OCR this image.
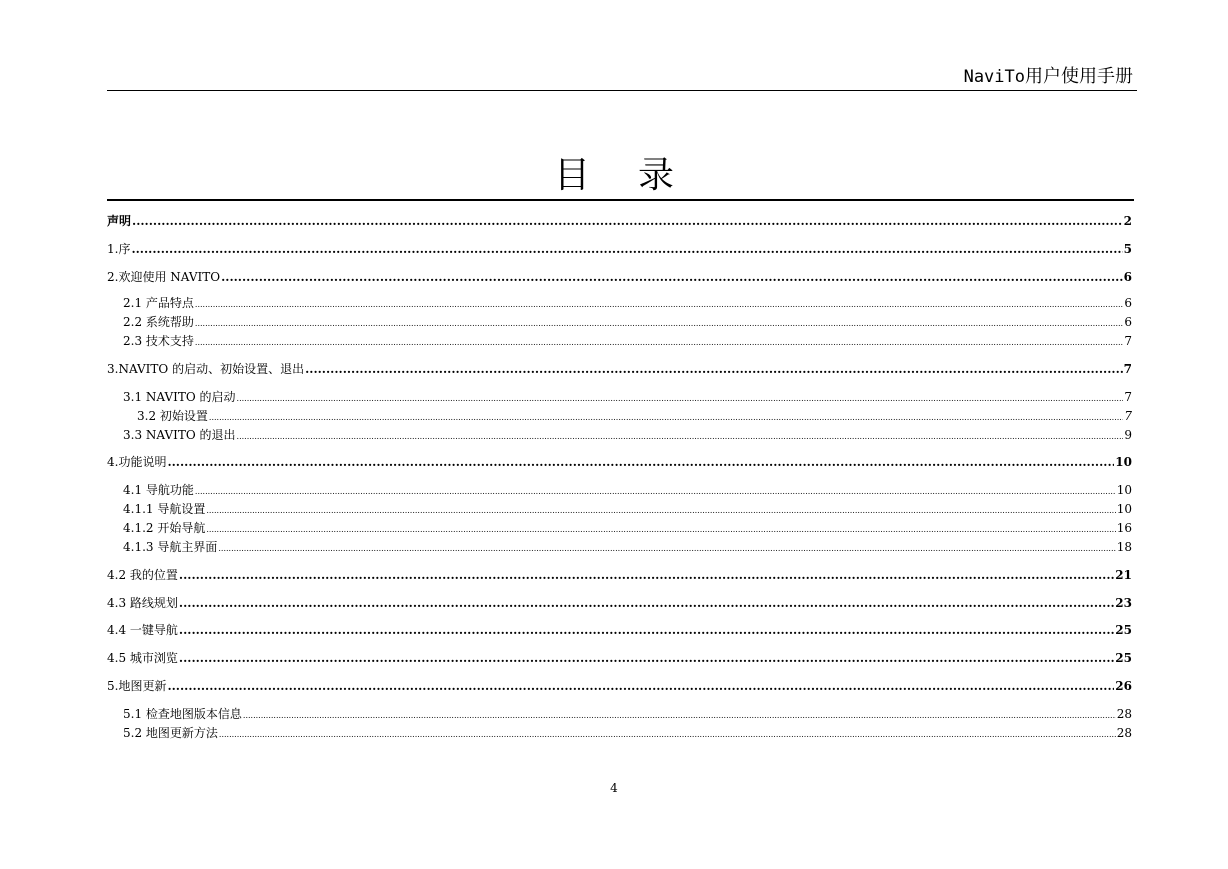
NaviTo用户使用手册
目录
声明 .....	2
1.序 .....	5
2.欢迎使用 NAVITO .....	6
2.1 产品特点 .....	6
2.2 系统帮助 .....	6
2.3 技术支持 .....	7
3.NAVITO 的启动、初始设置、退出 .....	7
3.1 NAVITO 的启动 .....	7
3.2 初始设置 .....	7
3.3 NAVITO 的退出 .....	9
4.功能说明 .....	10
4.1 导航功能 .....	10
4.1.1 导航设置 .....	10
4.1.2 开始导航 .....	16
4.1.3 导航主界面 .....	18
4.2 我的位置 .....	21
4.3 路线规划 .....	23
4.4 一键导航 .....	25
4.5 城市浏览 .....	25
5.地图更新 .....	26
5.1 检查地图版本信息 .....	28
5.2 地图更新方法 .....	28
4
